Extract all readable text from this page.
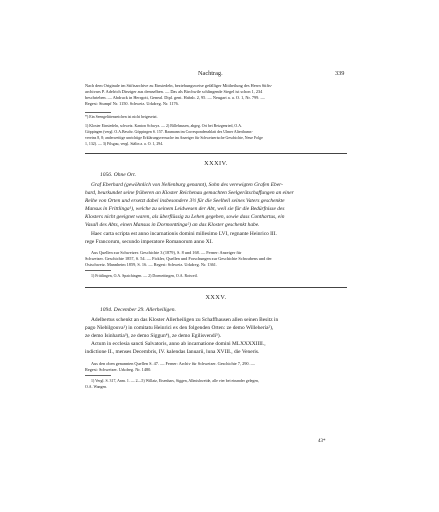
Nachtrag.	339
Nach dem Originale im Stiftsarchive zu Einsiedeln, beziehungsweise gefälliger Mittheilung des Herrn Stifts-
archivars P. Adelrich Dieziger aus demselben. — Das als Birchwile schlingende Siegel ist schon 1, 234
beschrieben. — Abdruck in Herrgott, Geneal. Dipl. gent. Habsb. 2, 95. — Neugart a. a. O. 1, Nr. 799. —
Regest: Stumpf Nr. 1150. Schweiz. Urkdreg. Nr. 1176.
*) Ein Seengelittenzeichen ist nicht beigesetzt.
1) Kloster Einsiedeln, schweiz. Kanton Schwyz. — 2) Billehausen, abgeg. Ort bei Betzgenried, O.A.
Göppingen (vergl. O.A.Beschr. Göppingen S. 157. Baumann im Correspondenzblatt des Ulmer Alterthums-
vereins 8, 8; anderweitige unrichtige Erklärungsversuche im Anzeiger für Schweizerische Geschichte, Neue Folge
1, 132). — 3) Filsgau, vergl. Stälin a. a. O. 1, 294.
XXXIV.
1056. Ohne Ort.
Graf Eberhard (gewöhnlich von Nellenburg genannt), Sohn des verewigten Grafen Eber-
hard, beurkundet seine früheren an Kloster Reichenau gemachten Seelgerätschaffungen an einer
Reihe von Orten und ersetzt dabei insbesondere 3½ für die Seelheil seines Vaters geschenkte
Mansus in Frittlinga¹), welche zu seinem Leidwesen der Abt, weil sie für die Bedürfnisse des
Klosters nicht geeignet waren, als überflüssig zu Lehen gegeben, sowie dass Conthartus, ein
Vasall des Abts, einen Mansus in Dormonttinga²) an das Kloster geschenkt habe.
Haec carta scripta est anno incarnationis domini millesimo LVI, regnante Heinrico III.
rege Francorum, secundo imperatore Romanorum anno XI.
Aus Quellen zur Schweizer. Geschichte 3 (1879), S. 8 und 168. — Ferner: Anzeiger für
Schweizer. Geschichte 1857, S. 54. — Fickler, Quellen und Forschungen zur Geschichte Schwabens und der
Ostschweiz. Mannheim 1859, S. 16. — Regest: Schweiz. Urkdreg. Nr. 1361.
1) Frittlingen, O.A. Spaichingen. — 2) Dormettingen, O.A. Rotweil.
XXXV.
1094. December 29. Allerheiligen.
Adelbertus schenkt an das Kloster Allerheiligen zu Schaffhausen allen seinen Besitz in
pago Niebilgouva¹) in comitatu Heinrici ex den folgenden Orten: ze demo Willeheria²),
ze demo Isinhartia³), ze demo Siggun⁴), ze demo Egilisvendi⁵).
Actum in ecclesia sancti Salvatoris, anno ab incarnatione domini MLXXXXIIII.,
indictione II., menses Decembris, IV. kalendas Ianuarii, luna XVIII., die Veneris.
Aus den oben genannten Quellen S. 47. — Ferner: Archiv für Schweizer. Geschichte 7, 290. —
Regest: Schweizer. Urkdreg. Nr. 1480.
1) Vergl. S. 317, Anm. 1. — 2—5) Willatz, Eisenhars, Siggen, Allmishweide, alle vier bei einander gelegen,
O.A. Wangen.
43*
